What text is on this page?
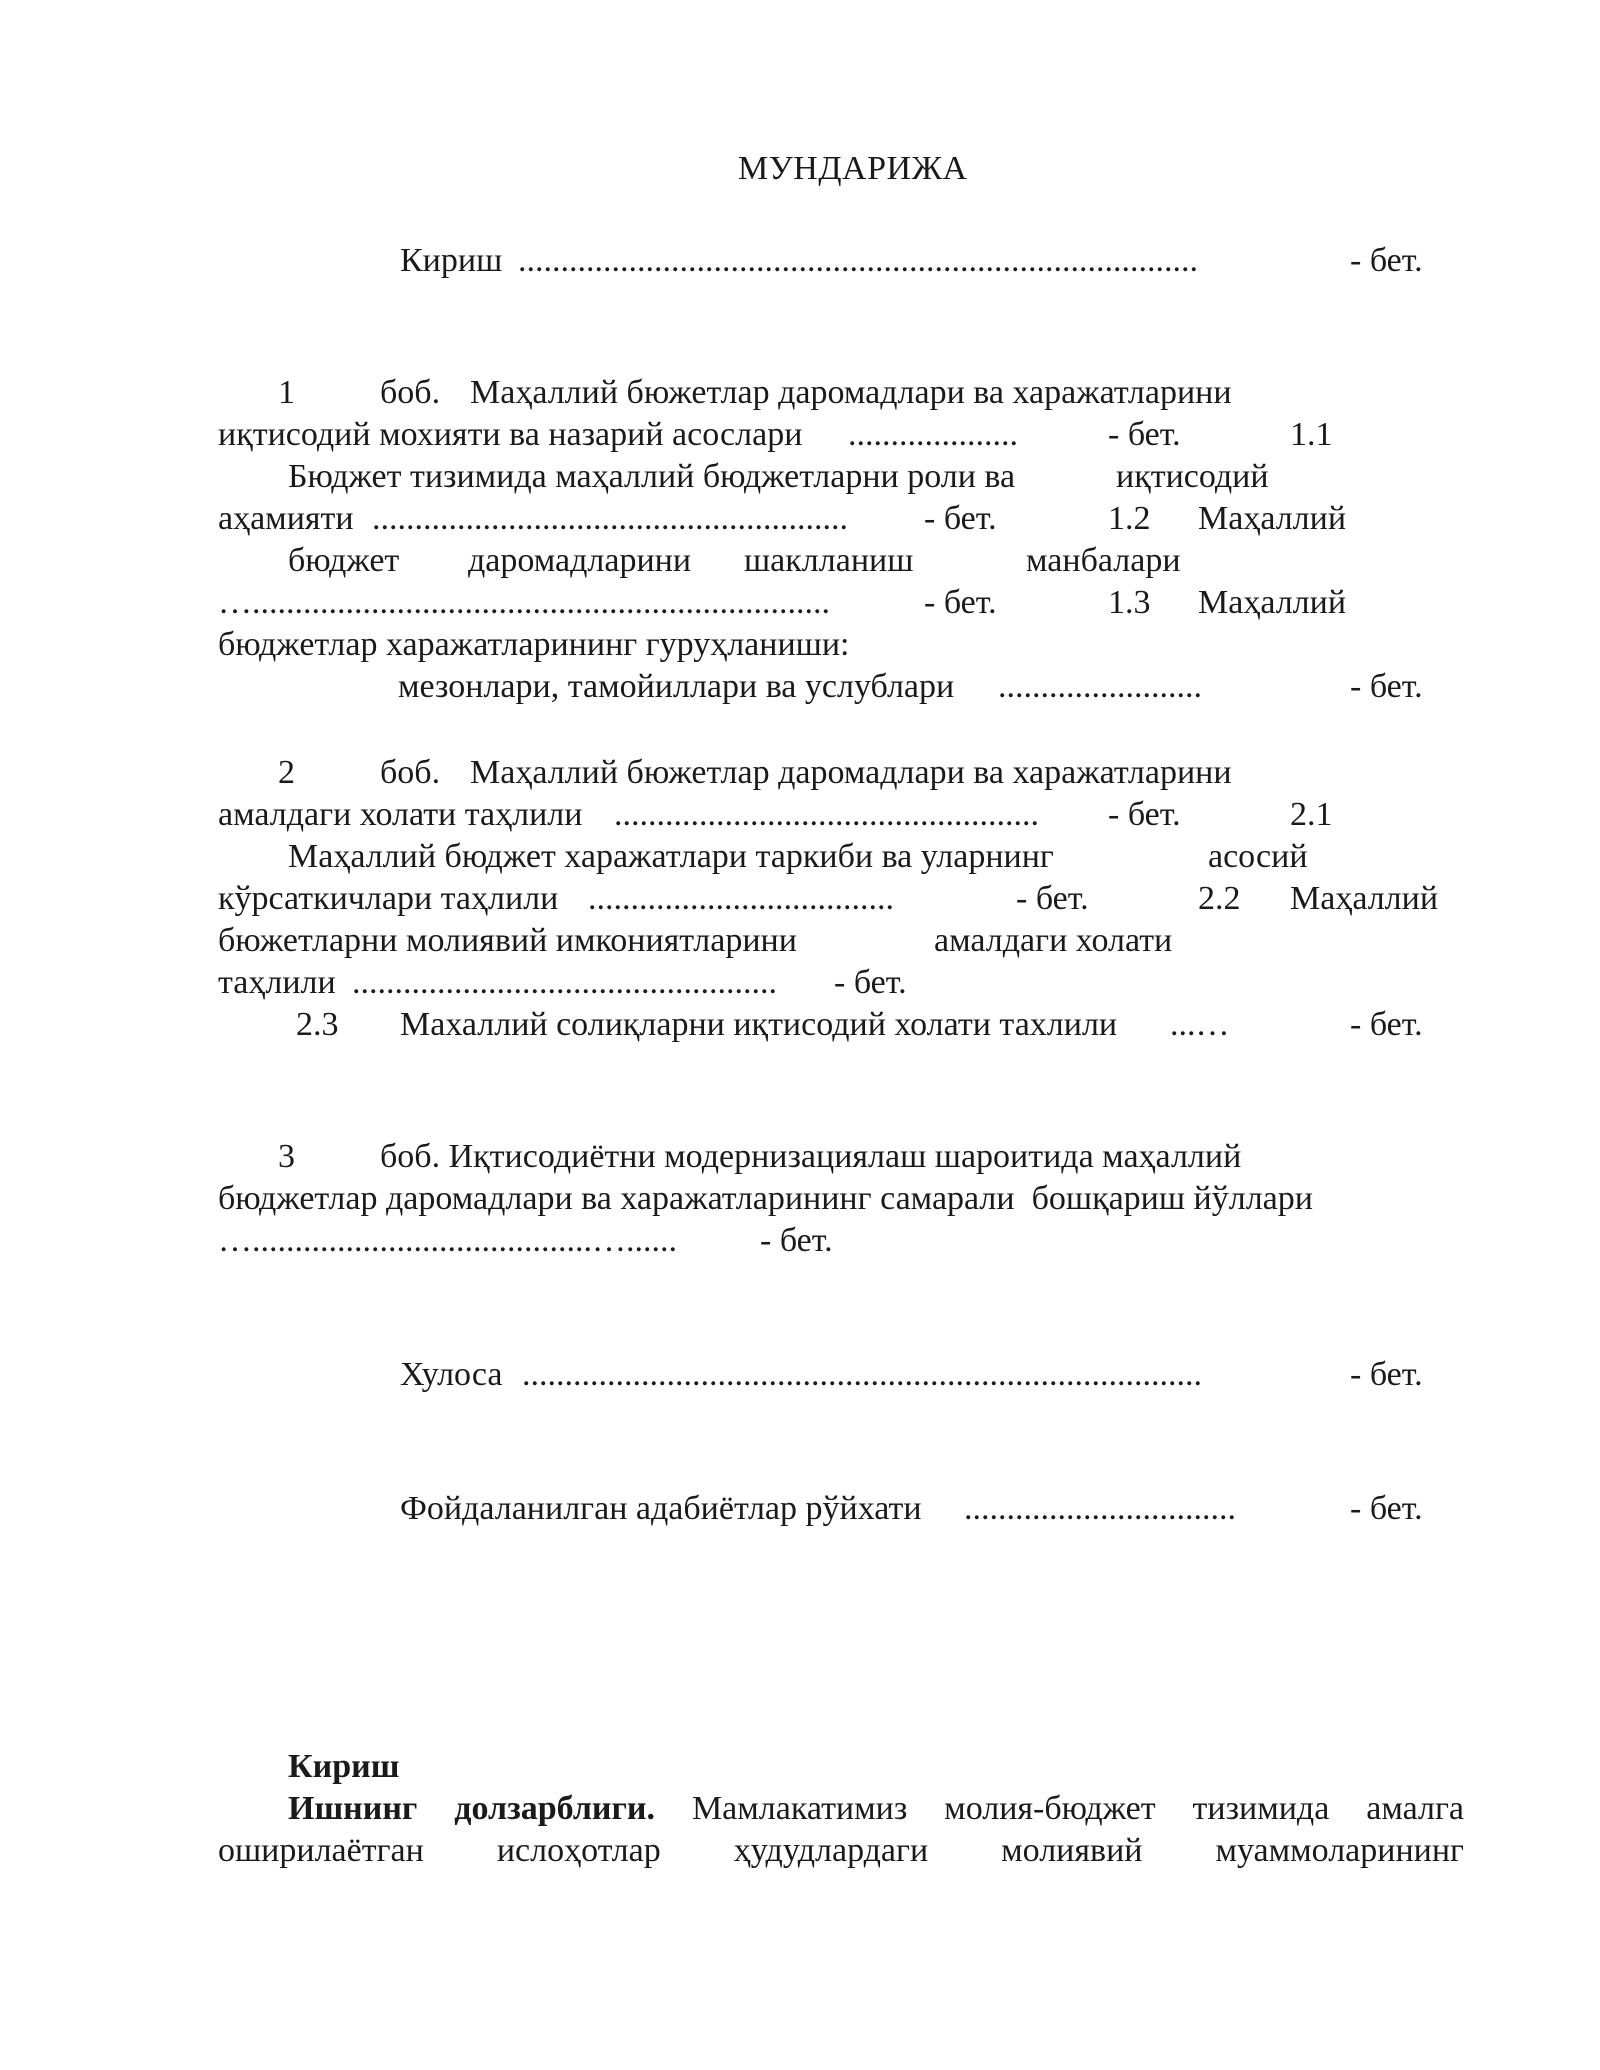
МУНДАРИЖА
Кириш ................................................................................	- бет.
1	боб. Маҳаллий бюжетлар даромадлари ва харажатларини
иқтисодий мохияти ва назарий асослари ....................	- бет.	1.1
Бюджет тизимида маҳаллий бюджетларни роли ва	иқтисодий
аҳамияти ........................................................ - бет.	1.2 Маҳаллий
бюджет даромадларини шаклланиш	манбалари
…....................................................................	- бет.	1.3 Маҳаллий
бюджетлар харажатларининг гуруҳланиши:
мезонлари, тамойиллари ва услублари ........................	- бет.
2	боб. Маҳаллий бюжетлар даромадлари ва харажатларини
амалдаги холати таҳлили .................................................. - бет.	2.1
Маҳаллий бюджет харажатлари таркиби ва уларнинг	асосий
кўрсаткичлари таҳлили ....................................	- бет.	2.2 Маҳаллий
бюжетларни молиявий имкониятларини	амалдаги холати
таҳлили .................................................. - бет.
2.3 Махаллий солиқларни иқтисодий холати тахлили ...…	- бет.
3	боб. Иқтисодиётни модернизациялаш шароитида маҳаллий
бюджетлар даромадлари ва харажатларининг самарали  бошқариш йўллари
…........................................…...... - бет.
Хулоса ................................................................................	- бет.
Фойдаланилган адабиётлар рўйхати ................................	- бет.
Кириш
Ишнинг долзарблиги. Мамлакатимиз молия-бюджет тизимида амалга
оширилаётган ислоҳотлар ҳудудлардаги молиявий муаммоларининг
